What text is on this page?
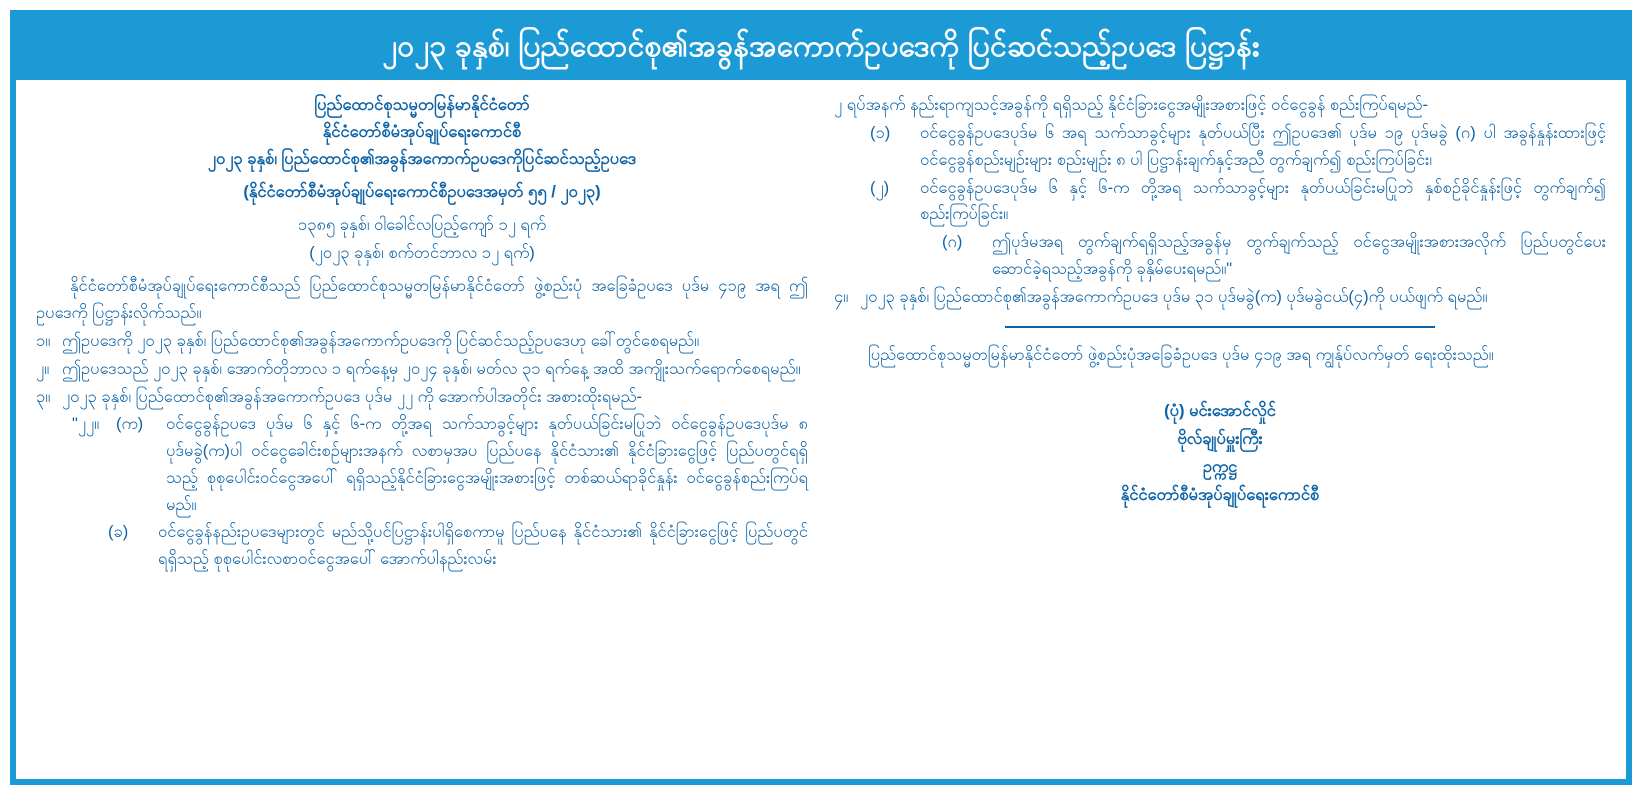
၂၀၂၃ ခုနှစ်၊ ပြည်ထောင်စု၏အခွန်အကောက်ဥပဒေကို ပြင်ဆင်သည့်ဥပဒေ ပြဋ္ဌာန်း
ပြည်ထောင်စုသမ္မတမြန်မာနိုင်ငံတော်
နိုင်ငံတော်စီမံအုပ်ချုပ်ရေးကောင်စီ
၂၀၂၃ ခုနှစ်၊ ပြည်ထောင်စု၏အခွန်အကောက်ဥပဒေကိုပြင်ဆင်သည့်ဥပဒေ
(နိုင်ငံတော်စီမံအုပ်ချုပ်ရေးကောင်စီဥပဒေအမှတ် ၅၅ / ၂၀၂၃)
၁၃၈၅ ခုနှစ်၊ ဝါခေါင်လပြည့်ကျော် ၁၂ ရက်
(၂၀၂၃ ခုနှစ်၊ စက်တင်ဘာလ ၁၂ ရက်)

နိုင်ငံတော်စီမံအုပ်ချုပ်ရေးကောင်စီသည် ပြည်ထောင်စုသမ္မတမြန်မာနိုင်ငံတော် ဖွဲ့စည်းပုံ အခြေခံဥပဒေ ပုဒ်မ ၄၁၉ အရ ဤဥပဒေကို ပြဋ္ဌာန်းလိုက်သည်။

၁။ ဤဥပဒေကို ၂၀၂၃ ခုနှစ်၊ ပြည်ထောင်စု၏အခွန်အကောက်ဥပဒေကို ပြင်ဆင်သည့်ဥပဒေဟု ခေါ်တွင်စေရမည်။
၂။ ဤဥပဒေသည် ၂၀၂၃ ခုနှစ်၊ အောက်တိုဘာလ ၁ ရက်နေ့မှ ၂၀၂၄ ခုနှစ်၊ မတ်လ ၃၁ ရက်နေ့ အထိ အကျိုးသက်ရောက်စေရမည်။
၃။ ၂၀၂၃ ခုနှစ်၊ ပြည်ထောင်စု၏အခွန်အကောက်ဥပဒေ ပုဒ်မ ၂၂ ကို အောက်ပါအတိုင်း အစားထိုးရမည်-
"၂၂။	(က)	ဝင်ငွေခွန်ဥပဒေ ပုဒ်မ ၆ နှင့် ၆-က တို့အရ သက်သာခွင့်များ နုတ်ပယ်ခြင်းမပြုဘဲ ဝင်ငွေခွန်ဥပဒေပုဒ်မ ၈ ပုဒ်မခွဲ(က)ပါ ဝင်ငွေခေါင်းစဉ်များအနက် လစာမှအပ ပြည်ပနေ နိုင်ငံသား၏ နိုင်ငံခြားငွေဖြင့် ပြည်ပတွင်ရရှိသည့် စုစုပေါင်းဝင်ငွေအပေါ် ရရှိသည့်နိုင်ငံခြားငွေအမျိုးအစားဖြင့် တစ်ဆယ်ရာခိုင်နှုန်း ဝင်ငွေခွန်စည်းကြပ်ရမည်။
(ခ)	ဝင်ငွေခွန်နည်းဥပဒေများတွင် မည်သို့ပင်ပြဋ္ဌာန်းပါရှိစေကာမူ ပြည်ပနေ နိုင်ငံသား၏ နိုင်ငံခြားငွေဖြင့် ပြည်ပတွင်ရရှိသည့် စုစုပေါင်းလစာဝင်ငွေအပေါ် အောက်ပါနည်းလမ်း

၂ ရပ်အနက် နည်းရာကျသင့်အခွန်ကို ရရှိသည့် နိုင်ငံခြားငွေအမျိုးအစားဖြင့် ဝင်ငွေခွန် စည်းကြပ်ရမည်-

(၁)	ဝင်ငွေခွန်ဥပဒေပုဒ်မ ၆ အရ သက်သာခွင့်များ နုတ်ပယ်ပြီး ဤဥပဒေ၏ ပုဒ်မ ၁၉ ပုဒ်မခွဲ (ဂ) ပါ အခွန်နှုန်းထားဖြင့် ဝင်ငွေခွန်စည်းမျဉ်းများ စည်းမျဉ်း ၈ ပါ ပြဋ္ဌာန်းချက်နှင့်အညီ တွက်ချက်၍ စည်းကြပ်ခြင်း၊
(၂)	ဝင်ငွေခွန်ဥပဒေပုဒ်မ ၆ နှင့် ၆-က တို့အရ သက်သာခွင့်များ နုတ်ပယ်ခြင်းမပြုဘဲ နှစ်စဉ်ခိုင်နှုန်းဖြင့် တွက်ချက်၍ စည်းကြပ်ခြင်း။
(ဂ)	ဤပုဒ်မအရ တွက်ချက်ရရှိသည့်အခွန်မှ တွက်ချက်သည့် ဝင်ငွေအမျိုးအစားအလိုက် ပြည်ပတွင်ပေးဆောင်ခဲ့ရသည့်အခွန်ကို ခုနှိမ်ပေးရမည်။"
၄။ ၂၀၂၃ ခုနှစ်၊ ပြည်ထောင်စု၏အခွန်အကောက်ဥပဒေ ပုဒ်မ ၃၁ ပုဒ်မခွဲ(က) ပုဒ်မခွဲငယ်(၄)ကို ပယ်ဖျက် ရမည်။

ပြည်ထောင်စုသမ္မတမြန်မာနိုင်ငံတော် ဖွဲ့စည်းပုံအခြေခံဥပဒေ ပုဒ်မ ၄၁၉ အရ ကျွန်ုပ်လက်မှတ် ရေးထိုးသည်။

(ပုံ) မင်းအောင်လှိုင်
ဗိုလ်ချုပ်မှူးကြီး
ဥက္ကဋ္ဌ
နိုင်ငံတော်စီမံအုပ်ချုပ်ရေးကောင်စီ
